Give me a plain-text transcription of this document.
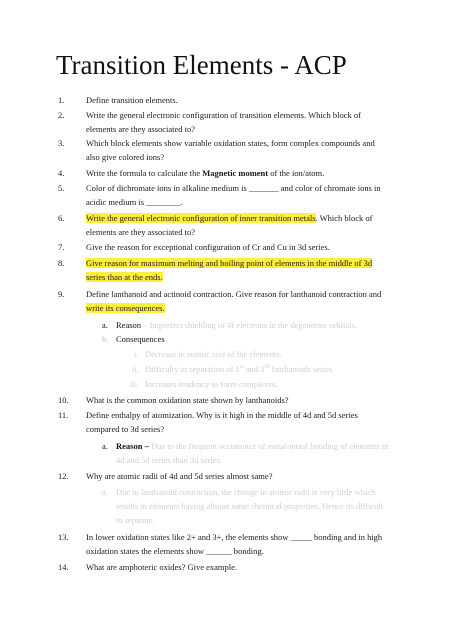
Transition Elements - ACP
1.	Define transition elements.

2.	Write the general electronic configuration of transition elements. Which block of

elements are they associated to?

3.	Which block elements show variable oxidation states, form complex compounds and

also give colored ions?

4.	Write the formula to calculate the Magnetic moment of the ion/atom.

5.	Color of dichromate ions in alkaline medium is _______ and color of chromate ions in

acidic medium is ________.

6.	Write the general electronic configuration of inner transition metals. Which block of

elements are they associated to?

7.	Give the reason for exceptional configuration of Cr and Cu in 3d series.

8.	Give reason for maximum melting and boiling point of elements in the middle of 3d

series than at the ends.

9.	Define lanthanoid and actinoid contraction. Give reason for lanthanoid contraction and

write its consequences.

a. Reason – Imperfect shielding of 4f electrons in the degenerate orbitals.
b. Consequences
i. Decrease in atomic size of the elements.
ii. Difficulty in separation of 1st and 3rd lanthanoids series
iii. Increases tendency to form complexes.
10.	What is the common oxidation state shown by lanthanoids?

11.	Define enthalpy of atomization. Why is it high in the middle of 4d and 5d series

compared to 3d series?

a. Reason – Due to the frequent occurrence of metal-metal bonding of elements in
4d and 5d series than 3d series.
12.	Why are atomic radii of 4d and 5d series almost same?

a. Due to lanthanoid contraction, the change in atomic radii is very little which
results in elements having almost same chemical properties. Hence its difficult
to separate.
13.	In lower oxidation states like 2+ and 3+, the elements show _____ bonding and in high

oxidation states the elements show ______ bonding.

14.	What are amphoteric oxides? Give example.
